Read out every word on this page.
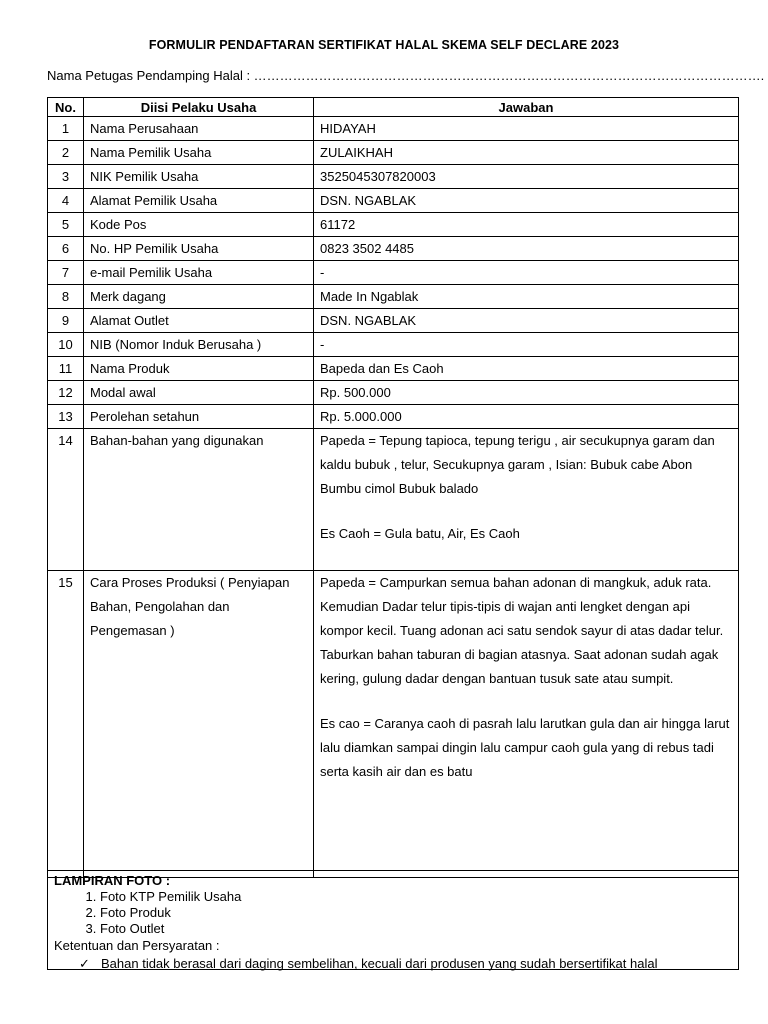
FORMULIR PENDAFTARAN SERTIFIKAT HALAL SKEMA SELF DECLARE 2023
Nama Petugas Pendamping Halal : ……………………………………………………………………………………………………….
No.	Diisi Pelaku Usaha	Jawaban
1	Nama Perusahaan	HIDAYAH
2	Nama Pemilik Usaha	ZULAIKHAH
3	NIK Pemilik Usaha	3525045307820003
4	Alamat Pemilik Usaha	DSN. NGABLAK
5	Kode Pos	61172
6	No. HP Pemilik Usaha	0823 3502 4485
7	e-mail Pemilik Usaha	-
8	Merk dagang	Made In Ngablak
9	Alamat Outlet	DSN. NGABLAK
10	NIB (Nomor Induk Berusaha )	-
11	Nama Produk	Bapeda dan Es Caoh
12	Modal awal	Rp. 500.000
13	Perolehan setahun	Rp. 5.000.000
14	Bahan-bahan yang digunakan	Papeda = Tepung tapioca, tepung terigu , air secukupnya garam dan kaldu bubuk , telur, Secukupnya garam , Isian: Bubuk cabe Abon Bumbu cimol Bubuk balado

Es Caoh = Gula batu, Air, Es Caoh

15	Cara Proses Produksi ( Penyiapan Bahan, Pengolahan dan Pengemasan )	Papeda = Campurkan semua bahan adonan di mangkuk, aduk rata. Kemudian Dadar telur tipis-tipis di wajan anti lengket dengan api kompor kecil. Tuang adonan aci satu sendok sayur di atas dadar telur. Taburkan bahan taburan di bagian atasnya. Saat adonan sudah agak kering, gulung dadar dengan bantuan tusuk sate atau sumpit.

Es cao = Caranya caoh di pasrah lalu larutkan gula dan air hingga larut lalu diamkan sampai dingin lalu campur caoh gula yang di rebus tadi serta kasih air dan es batu

LAMPIRAN FOTO :
1. Foto KTP Pemilik Usaha
2. Foto Produk
3. Foto Outlet
Ketentuan dan Persyaratan :
✓ Bahan tidak berasal dari daging sembelihan, kecuali dari produsen yang sudah bersertifikat halal
